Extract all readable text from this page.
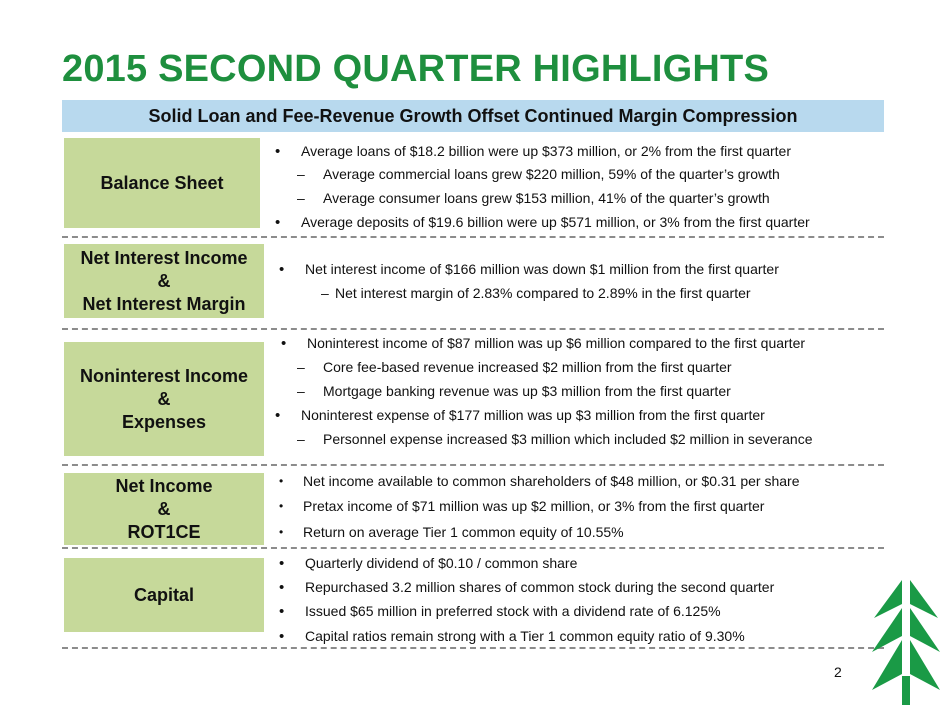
2015 SECOND QUARTER HIGHLIGHTS
Solid Loan and Fee-Revenue Growth Offset Continued Margin Compression
Balance Sheet
•	Average loans of $18.2 billion were up $373 million, or 2% from the first quarter
–	Average commercial loans grew $220 million, 59% of the quarter’s growth
–	Average consumer loans grew $153 million, 41% of the quarter’s growth
•	Average deposits of $19.6 billion were up $571 million, or 3% from the first quarter
Net Interest Income
&
Net Interest Margin
•	Net interest income of $166 million was down $1 million from the first quarter
– Net interest margin of 2.83% compared to 2.89% in the first quarter
Noninterest Income
&
Expenses
•	Noninterest income of $87 million was up $6 million compared to the first quarter
–	Core fee-based revenue increased $2 million from the first quarter
–	Mortgage banking revenue was up $3 million from the first quarter
•	Noninterest expense of $177 million was up $3 million from the first quarter
–	Personnel expense increased $3 million which included $2 million in severance
Net Income
&
ROT1CE
•	Net income available to common shareholders of $48 million, or $0.31 per share
•	Pretax income of $71 million was up $2 million, or 3% from the first quarter
•	Return on average Tier 1 common equity of 10.55%
Capital
•	Quarterly dividend of $0.10 / common share
•	Repurchased 3.2 million shares of common stock during the second quarter
•	Issued $65 million in preferred stock with a dividend rate of 6.125%
•	Capital ratios remain strong with a Tier 1 common equity ratio of 9.30%
2
